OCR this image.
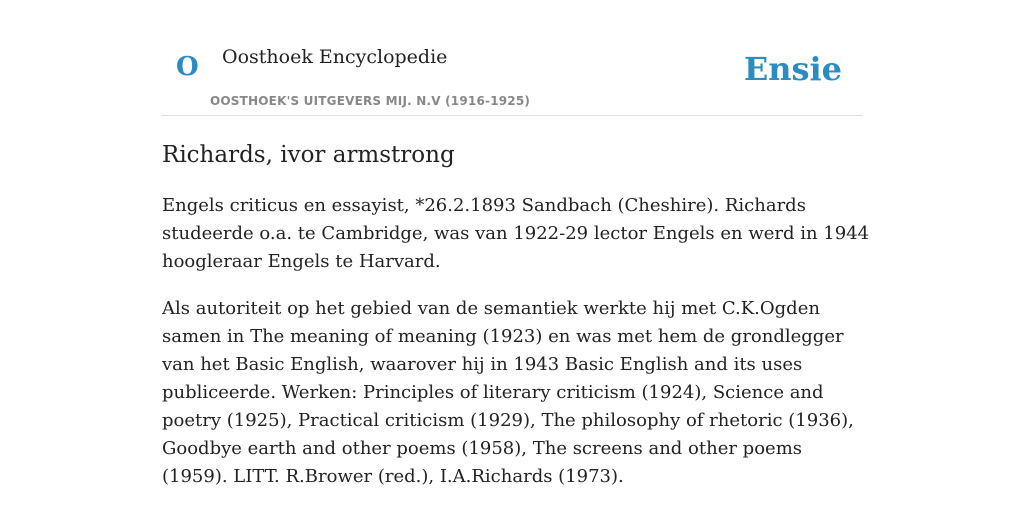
O Oosthoek Encyclopedie
OOSTHOEK'S UITGEVERS MIJ. N.V (1916-1925)
Ensie
Richards, ivor armstrong

Engels criticus en essayist, *26.2.1893 Sandbach (Cheshire). Richards studeerde o.a. te Cambridge, was van 1922-29 lector Engels en werd in 1944 hoogleraar Engels te Harvard.

Als autoriteit op het gebied van de semantiek werkte hij met C.K.Ogden samen in The meaning of meaning (1923) en was met hem de grondlegger van het Basic English, waarover hij in 1943 Basic English and its uses publiceerde. Werken: Principles of literary criticism (1924), Science and poetry (1925), Practical criticism (1929), The philosophy of rhetoric (1936), Goodbye earth and other poems (1958), The screens and other poems (1959). LITT. R.Brower (red.), I.A.Richards (1973).
